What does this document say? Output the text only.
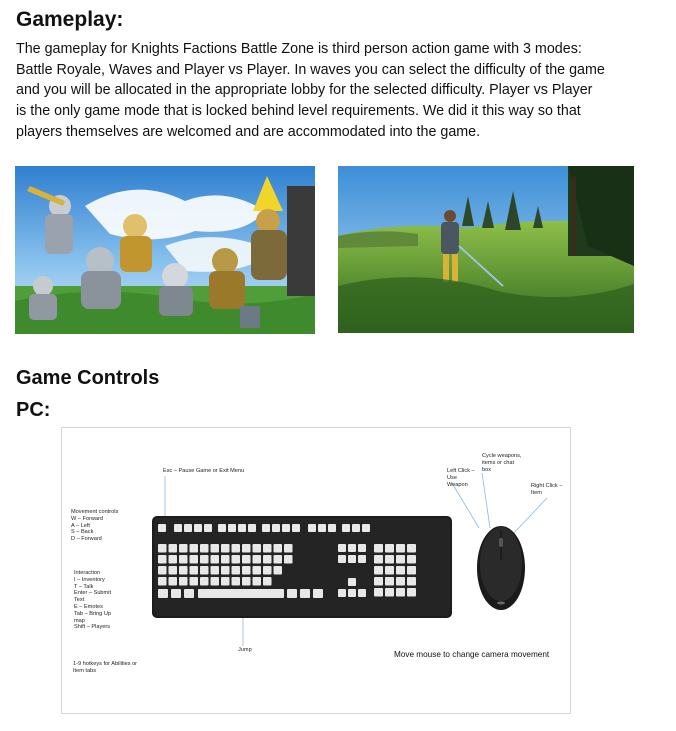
Gameplay:
The gameplay for Knights Factions Battle Zone is third person action game with 3 modes:
Battle Royale, Waves and Player vs Player. In waves you can select the difficulty of the game
and you will be allocated in the appropriate lobby for the selected difficulty. Player vs Player
is the only game mode that is locked behind level requirements. We did it this way so that
players themselves are welcomed and are accommodated into the game.
Game Controls
PC:
Esc – Pause Game or Exit Menu
Movement controls
W – Forward
A – Left
S – Back
D – Forward
Interaction
I – Inventory
T – Talk
Enter – Submit
Text
E – Emotes
Tab – Bring Up
map
Shift – Players
1-9 hotkeys for Abilities or
Item tabs
Jump
Cycle weapons,
items or chat
box
Left Click –
Use
Weapon	Right Click –
Item
Move mouse to change camera movement
